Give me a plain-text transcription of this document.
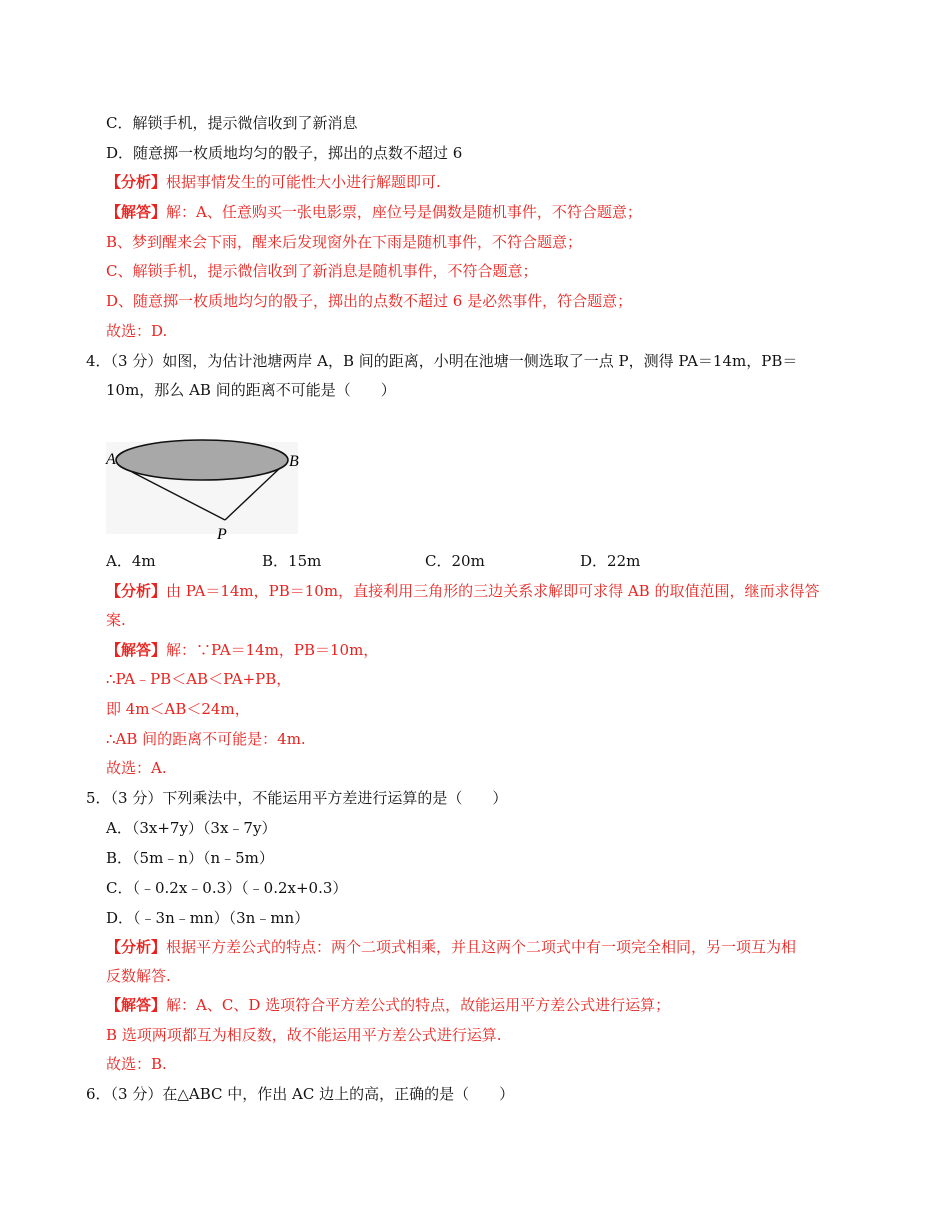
C．解锁手机，提示微信收到了新消息
D．随意掷一枚质地均匀的骰子，掷出的点数不超过 6
【分析】根据事情发生的可能性大小进行解题即可.
【解答】解：A、任意购买一张电影票，座位号是偶数是随机事件，不符合题意；
B、梦到醒来会下雨，醒来后发现窗外在下雨是随机事件，不符合题意；
C、解锁手机，提示微信收到了新消息是随机事件，不符合题意；
D、随意掷一枚质地均匀的骰子，掷出的点数不超过 6 是必然事件，符合题意；
故选：D.
4．（3 分）如图，为估计池塘两岸 A，B 间的距离，小明在池塘一侧选取了一点 P，测得 PA＝14m，PB＝
10m，那么 AB 间的距离不可能是（　　）
A	B
P
A．4m	B．15m	C．20m	D．22m
【分析】由 PA＝14m，PB＝10m，直接利用三角形的三边关系求解即可求得 AB 的取值范围，继而求得答
案.
【解答】解：∵PA＝14m，PB＝10m，
∴PA﹣PB＜AB＜PA+PB，
即 4m＜AB＜24m，
∴AB 间的距离不可能是：4m.
故选：A.
5．（3 分）下列乘法中，不能运用平方差进行运算的是（　　）
A．（3x+7y）（3x﹣7y）
B．（5m﹣n）（n﹣5m）
C．（﹣0.2x﹣0.3）（﹣0.2x+0.3）
D．（﹣3n﹣mn）（3n﹣mn）
【分析】根据平方差公式的特点：两个二项式相乘，并且这两个二项式中有一项完全相同，另一项互为相
反数解答.
【解答】解：A、C、D 选项符合平方差公式的特点，故能运用平方差公式进行运算；
B 选项两项都互为相反数，故不能运用平方差公式进行运算.
故选：B.
6．（3 分）在△ABC 中，作出 AC 边上的高，正确的是（　　）
